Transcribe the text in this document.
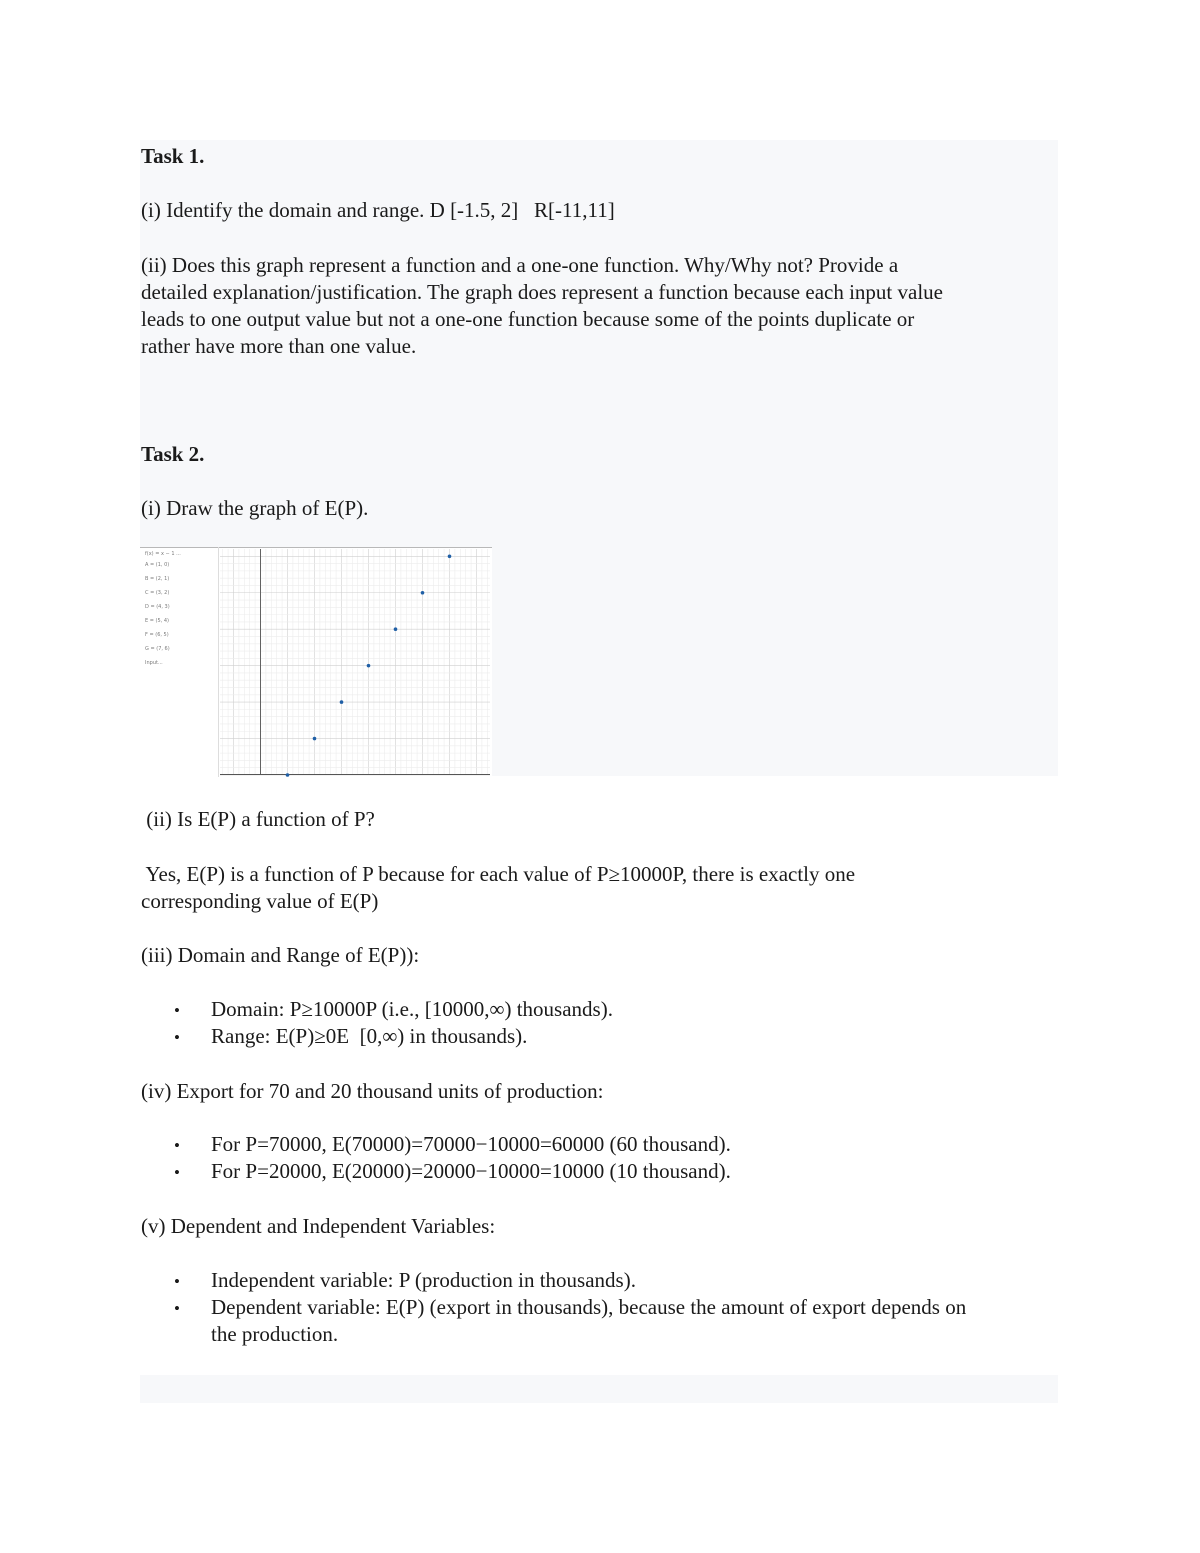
Task 1.
(i) Identify the domain and range. D [-1.5, 2]   R[-11,11]
(ii) Does this graph represent a function and a one-one function. Why/Why not? Provide a
detailed explanation/justification. The graph does represent a function because each input value
leads to one output value but not a one-one function because some of the points duplicate or
rather have more than one value.
Task 2.
(i) Draw the graph of E(P).
f(x) = x − 1 ...
A = (1, 0)
B = (2, 1)
C = (3, 2)
D = (4, 3)
E = (5, 4)
F = (6, 5)
G = (7, 6)
Input...
(ii) Is E(P) a function of P?
Yes, E(P) is a function of P because for each value of P≥10000P, there is exactly one
corresponding value of E(P)
(iii) Domain and Range of E(P)):
• Domain: P≥10000P (i.e., [10000,∞) thousands).
• Range: E(P)≥0E  [0,∞) in thousands).
(iv) Export for 70 and 20 thousand units of production:
• For P=70000, E(70000)=70000−10000=60000 (60 thousand).
• For P=20000, E(20000)=20000−10000=10000 (10 thousand).
(v) Dependent and Independent Variables:
• Independent variable: P (production in thousands).
• Dependent variable: E(P) (export in thousands), because the amount of export depends on
the production.
